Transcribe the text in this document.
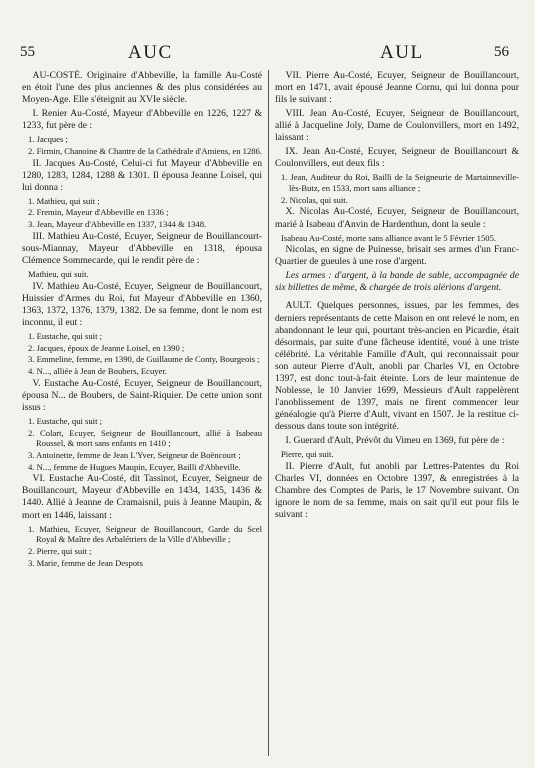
55	AUC	AUL	56

AU-COSTÉ. Originaire d'Abbeville, la famille Au-Costé en étoit l'une des plus anciennes & des plus considérées au Moyen-Age. Elle s'éteignit au XVIe siècle.

I. Renier Au-Costé, Mayeur d'Abbeville en 1226, 1227 & 1233, fut père de :

1. Jacques ;

2. Firmin, Chanoine & Chantre de la Cathédrale d'Amiens, en 1286.

II. Jacques Au-Costé, Celui-ci fut Mayeur d'Abbeville en 1280, 1283, 1284, 1288 & 1301. Il épousa Jeanne Loisel, qui lui donna :

1. Mathieu, qui suit ;

2. Fremin, Mayeur d'Abbeville en 1336 ;

3. Jean, Mayeur d'Abbeville en 1337, 1344 & 1348.

III. Mathieu Au-Costé, Ecuyer, Seigneur de Bouillancourt-sous-Miannay, Mayeur d'Abbeville en 1318, épousa Clémence Sommecarde, qui le rendit père de :

Mathieu, qui suit.

IV. Mathieu Au-Costé, Ecuyer, Seigneur de Bouillancourt, Huissier d'Armes du Roi, fut Mayeur d'Abbeville en 1360, 1363, 1372, 1376, 1379, 1382. De sa femme, dont le nom est inconnu, il eut :

1. Eustache, qui suit ;

2. Jacques, époux de Jeanne Loisel, en 1390 ;

3. Emmeline, femme, en 1390, de Guillaume de Conty, Bourgeois ;

4. N..., alliée à Jean de Boubers, Ecuyer.

V. Eustache Au-Costé, Ecuyer, Seigneur de Bouillancourt, épousa N... de Boubers, de Saint-Riquier. De cette union sont issus :

1. Eustache, qui suit ;

2. Colart, Ecuyer, Seigneur de Bouillancourt, allié à Isabeau Roussel, & mort sans enfants en 1410 ;

3. Antoinette, femme de Jean L'Yver, Seigneur de Boëncourt ;

4. N..., femme de Hugues Maupin, Ecuyer, Bailli d'Abbeville.

VI. Eustache Au-Costé, dit Tassinot, Ecuyer, Seigneur de Bouillancourt, Mayeur d'Abbeville en 1434, 1435, 1436 & 1440. Allié à Jeanne de Cramaisnil, puis à Jeanne Maupin, & mort en 1446, laissant :

1. Mathieu, Ecuyer, Seigneur de Bouillancourt, Garde du Scel Royal & Maître des Arbalétriers de la Ville d'Abbeville ;

2. Pierre, qui suit ;

3. Marie, femme de Jean Despots

VII. Pierre Au-Costé, Ecuyer, Seigneur de Bouillancourt, mort en 1471, avait épousé Jeanne Cornu, qui lui donna pour fils le suivant :

VIII. Jean Au-Costé, Ecuyer, Seigneur de Bouillancourt, allié à Jacqueline Joly, Dame de Coulonvillers, mort en 1492, laissant :

IX. Jean Au-Costé, Ecuyer, Seigneur de Bouillancourt & Coulonvillers, eut deux fils :

1. Jean, Auditeur du Roi, Bailli de la Seigneurie de Martainneville-lès-Butz, en 1533, mort sans alliance ;

2. Nicolas, qui suit.

X. Nicolas Au-Costé, Ecuyer, Seigneur de Bouillancourt, marié à Isabeau d'Anvin de Hardenthun, dont la seule :

Isabeau Au-Costé, morte sans alliance avant le 5 Février 1505.

Nicolas, en signe de Puinesse, brisait ses armes d'un Franc-Quartier de gueules à une rose d'argent.

Les armes : d'argent, à la bande de sable, accompagnée de six billettes de même, & chargée de trois alérions d'argent.

AULT. Quelques personnes, issues, par les femmes, des derniers représentants de cette Maison en ont relevé le nom, en abandonnant le leur qui, pourtant très-ancien en Picardie, était désormais, par suite d'une fâcheuse identité, voué à une triste célébrité. La véritable Famille d'Ault, qui reconnaissait pour son auteur Pierre d'Ault, anobli par Charles VI, en Octobre 1397, est donc tout-à-fait éteinte. Lors de leur maintenue de Noblesse, le 10 Janvier 1699, Messieurs d'Ault rappelèrent l'anoblissement de 1397, mais ne firent commencer leur généalogie qu'à Pierre d'Ault, vivant en 1507. Je la restitue ci-dessous dans toute son intégrité.

I. Guerard d'Ault, Prévôt du Vimeu en 1369, fut père de :

Pierre, qui suit.

II. Pierre d'Ault, fut anobli par Lettres-Patentes du Roi Charles VI, données en Octobre 1397, & enregistrées à la Chambre des Comptes de Paris, le 17 Novembre suivant. On ignore le nom de sa femme, mais on sait qu'il eut pour fils le suivant :
